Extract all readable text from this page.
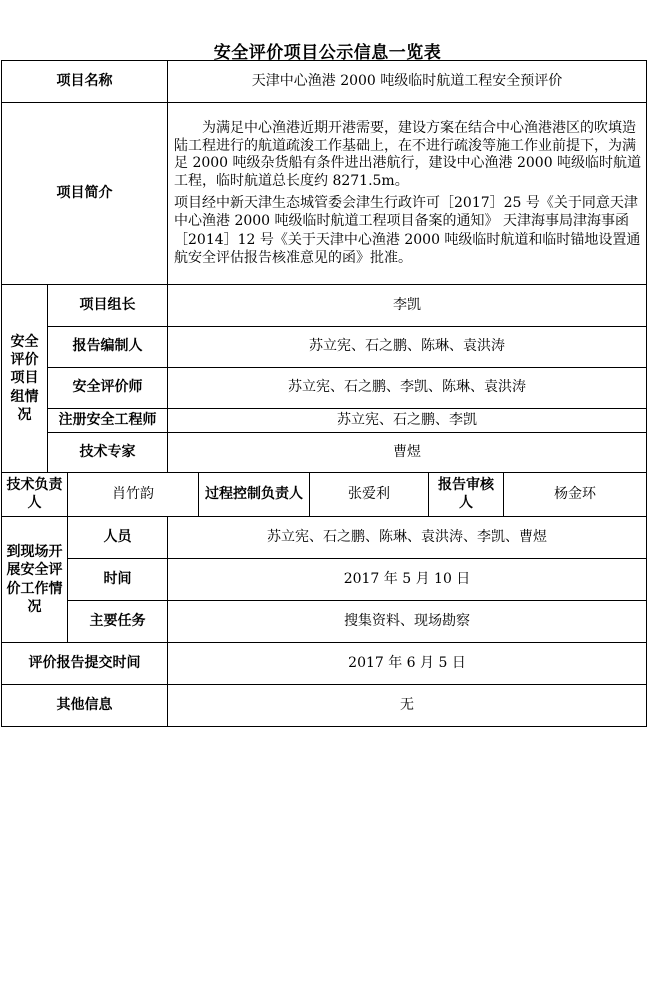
安全评价项目公示信息一览表
项目名称			天津中心渔港 2000 吨级临时航道工程安全预评价				
项目简介			为满足中心渔港近期开港需要，建设方案在结合中心渔港港区的吹填造陆工程进行的航道疏浚工作基础上，在不进行疏浚等施工作业前提下，为满足 2000 吨级杂货船有条件进出港航行，建设中心渔港 2000 吨级临时航道工程，临时航道总长度约 8271.5m。

项目经中新天津生态城管委会津生行政许可［2017］25 号《关于同意天津中心渔港 2000 吨级临时航道工程项目备案的通知》 天津海事局津海事函［2014］12 号《关于天津中心渔港 2000 吨级临时航道和临时锚地设置通航安全评估报告核准意见的函》批准。				

安全评价项目组情况	项目组长		李凯				
	报告编制人		苏立宪、石之鹏、陈琳、袁洪涛				
	安全评价师		苏立宪、石之鹏、李凯、陈琳、袁洪涛				
	注册安全工程师		苏立宪、石之鹏、李凯				
	技术专家		曹煜				
技术负责人		肖竹韵		过程控制负责人	张爱利	报告审核人	杨金环
到现场开展安全评价工作情况		人员	苏立宪、石之鹏、陈琳、袁洪涛、李凯、曹煜				
		时间	2017 年 5 月 10 日				
		主要任务	搜集资料、现场勘察				
评价报告提交时间			2017 年 6 月 5 日				
其他信息			无				
